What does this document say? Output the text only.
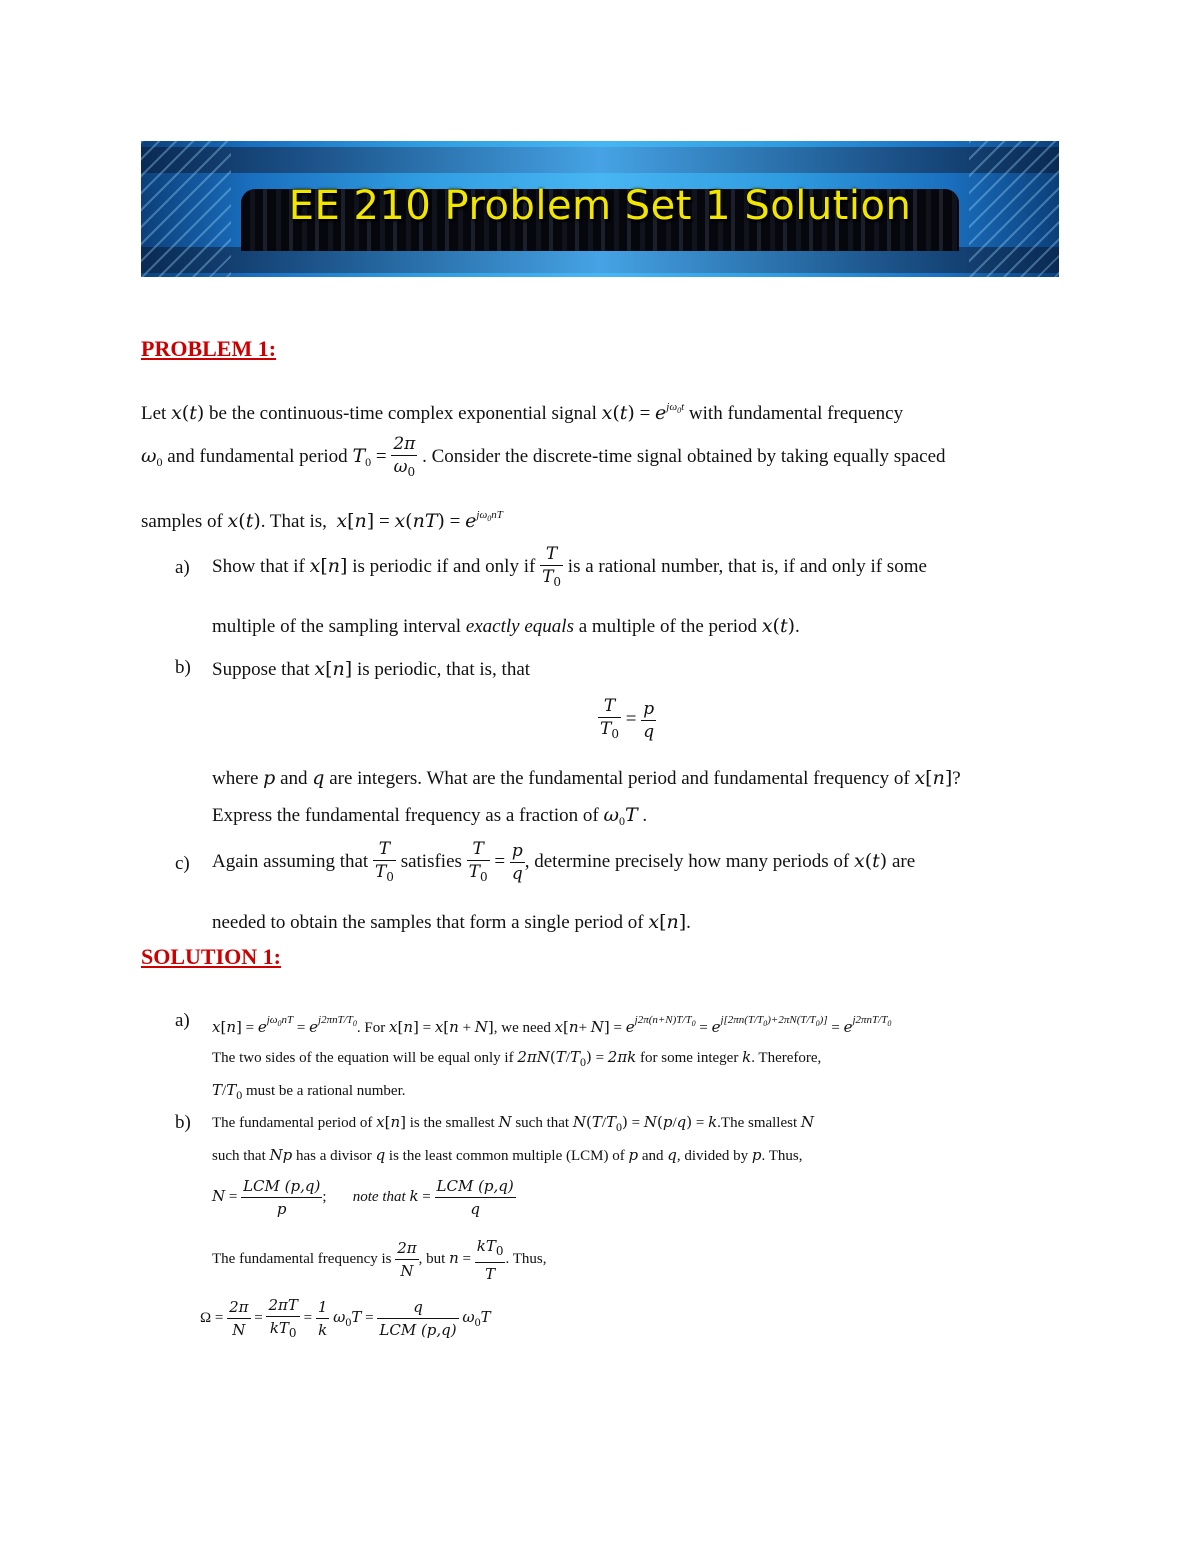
EE 210 Problem Set 1 Solution
PROBLEM 1:
Let x(t) be the continuous-time complex exponential signal $x(t) = e^{j\omega_0t}$ with fundamental frequency
$\omega_0$ and fundamental period $T_0 = \frac{2\pi}{\omega_0}$ . Consider the discrete-time signal obtained by taking equally spaced
samples of x(t). That is, $x[n] = x(nT) = e^{j\omega_0nT}$
a) Show that if x[n] is periodic if and only if $\frac{T}{T_0}$ is a rational number, that is, if and only if some
multiple of the sampling interval exactly equals a multiple of the period x(t).
b) Suppose that x[n] is periodic, that is, that
$\frac{T}{T_0} = \frac{p}{q}$
where p and q are integers. What are the fundamental period and fundamental frequency of x[n]?
Express the fundamental frequency as a fraction of $\omega_0T$ .
c) Again assuming that $\frac{T}{T_0}$ satisfies $\frac{T}{T_0} = \frac{p}{q}$ , determine precisely how many periods of x(t) are
needed to obtain the samples that form a single period of x[n].
SOLUTION 1:
a) $x[n] = e^{j\omega_0nT} = e^{j2\pi nT/T_0}$. For x[n] = x[n + N], we need $x[n+ N] = e^{j2\pi(n+N)T/T_0} = e^{j[2\pi n(T/T_0)+2\pi N(T/T_0)]} = e^{j2\pi nT/T_0}$
The two sides of the equation will be equal only if $2\pi N(T/T_0) = 2\pi k$ for some integer k. Therefore,
$T/T_0$ must be a rational number.
b) The fundamental period of x[n] is the smallest N such that $N(T/T_0) = N(p/q) = k.The$ smallest N
such that Np has a divisor q is the least common multiple (LCM) of p and q, divided by p. Thus,
$N = \frac{\text{LCM (p,q)}}{p}$ ;       note that $k = \frac{\text{LCM (p,q)}}{q}$
The fundamental frequency is $\frac{2\pi}{N}$ , but $n = \frac{kT_0}{T}$ . Thus,
$\Omega = \frac{2\pi}{N} = \frac{2\pi T}{kT_0} = \frac{1}{k} \omega_0T = \frac{q}{\text{LCM (p,q)}} \omega_0T$
